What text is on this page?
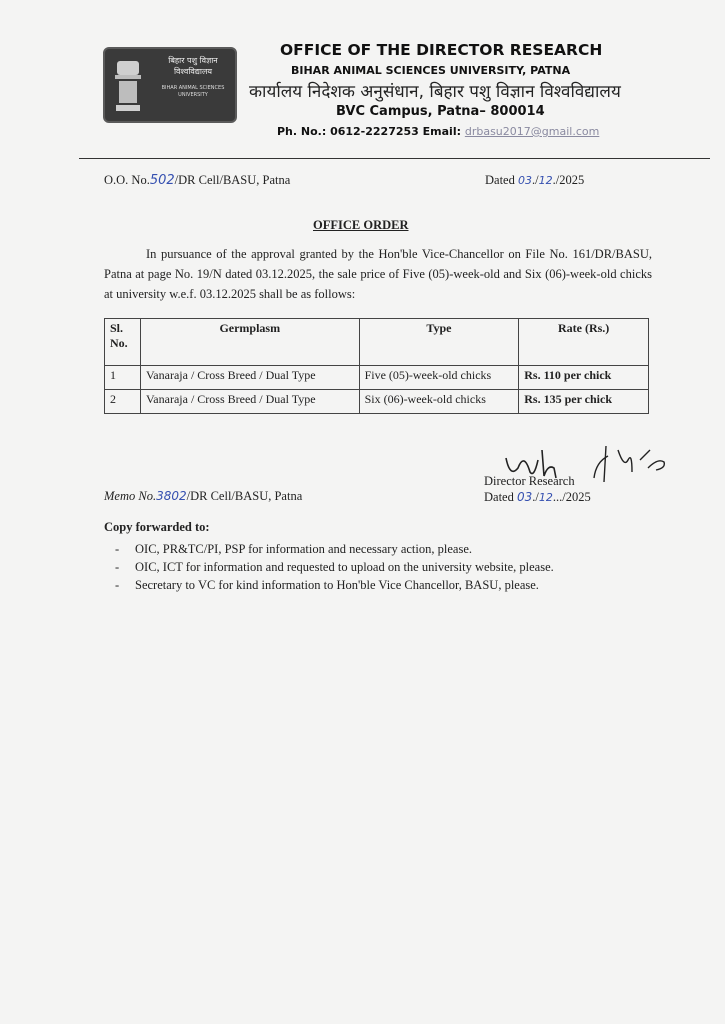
बिहार पशु विज्ञान विश्वविद्यालय
BIHAR ANIMAL SCIENCES UNIVERSITY
OFFICE OF THE DIRECTOR RESEARCH
BIHAR ANIMAL SCIENCES UNIVERSITY, PATNA
कार्यालय निदेशक अनुसंधान, बिहार पशु विज्ञान विश्वविद्यालय
BVC Campus, Patna– 800014
Ph. No.: 0612-2227253 Email: drbasu2017@gmail.com
O.O. No.502/DR Cell/BASU, Patna	Dated 03./12./2025
OFFICE ORDER
In pursuance of the approval granted by the Hon'ble Vice-Chancellor on File No. 161/DR/BASU, Patna at page No. 19/N dated 03.12.2025, the sale price of Five (05)-week-old and Six (06)-week-old chicks at university w.e.f. 03.12.2025 shall be as follows:
Sl. No.	Germplasm	Type	Rate (Rs.)
1	Vanaraja / Cross Breed / Dual Type	Five (05)-week-old chicks	Rs. 110 per chick
2	Vanaraja / Cross Breed / Dual Type	Six (06)-week-old chicks	Rs. 135 per chick
Director Research
Dated 03./12.../2025
Memo No.3802/DR Cell/BASU, Patna
Copy forwarded to:
- OIC, PR&TC/PI, PSP for information and necessary action, please.
- OIC, ICT for information and requested to upload on the university website, please.
- Secretary to VC for kind information to Hon'ble Vice Chancellor, BASU, please.
